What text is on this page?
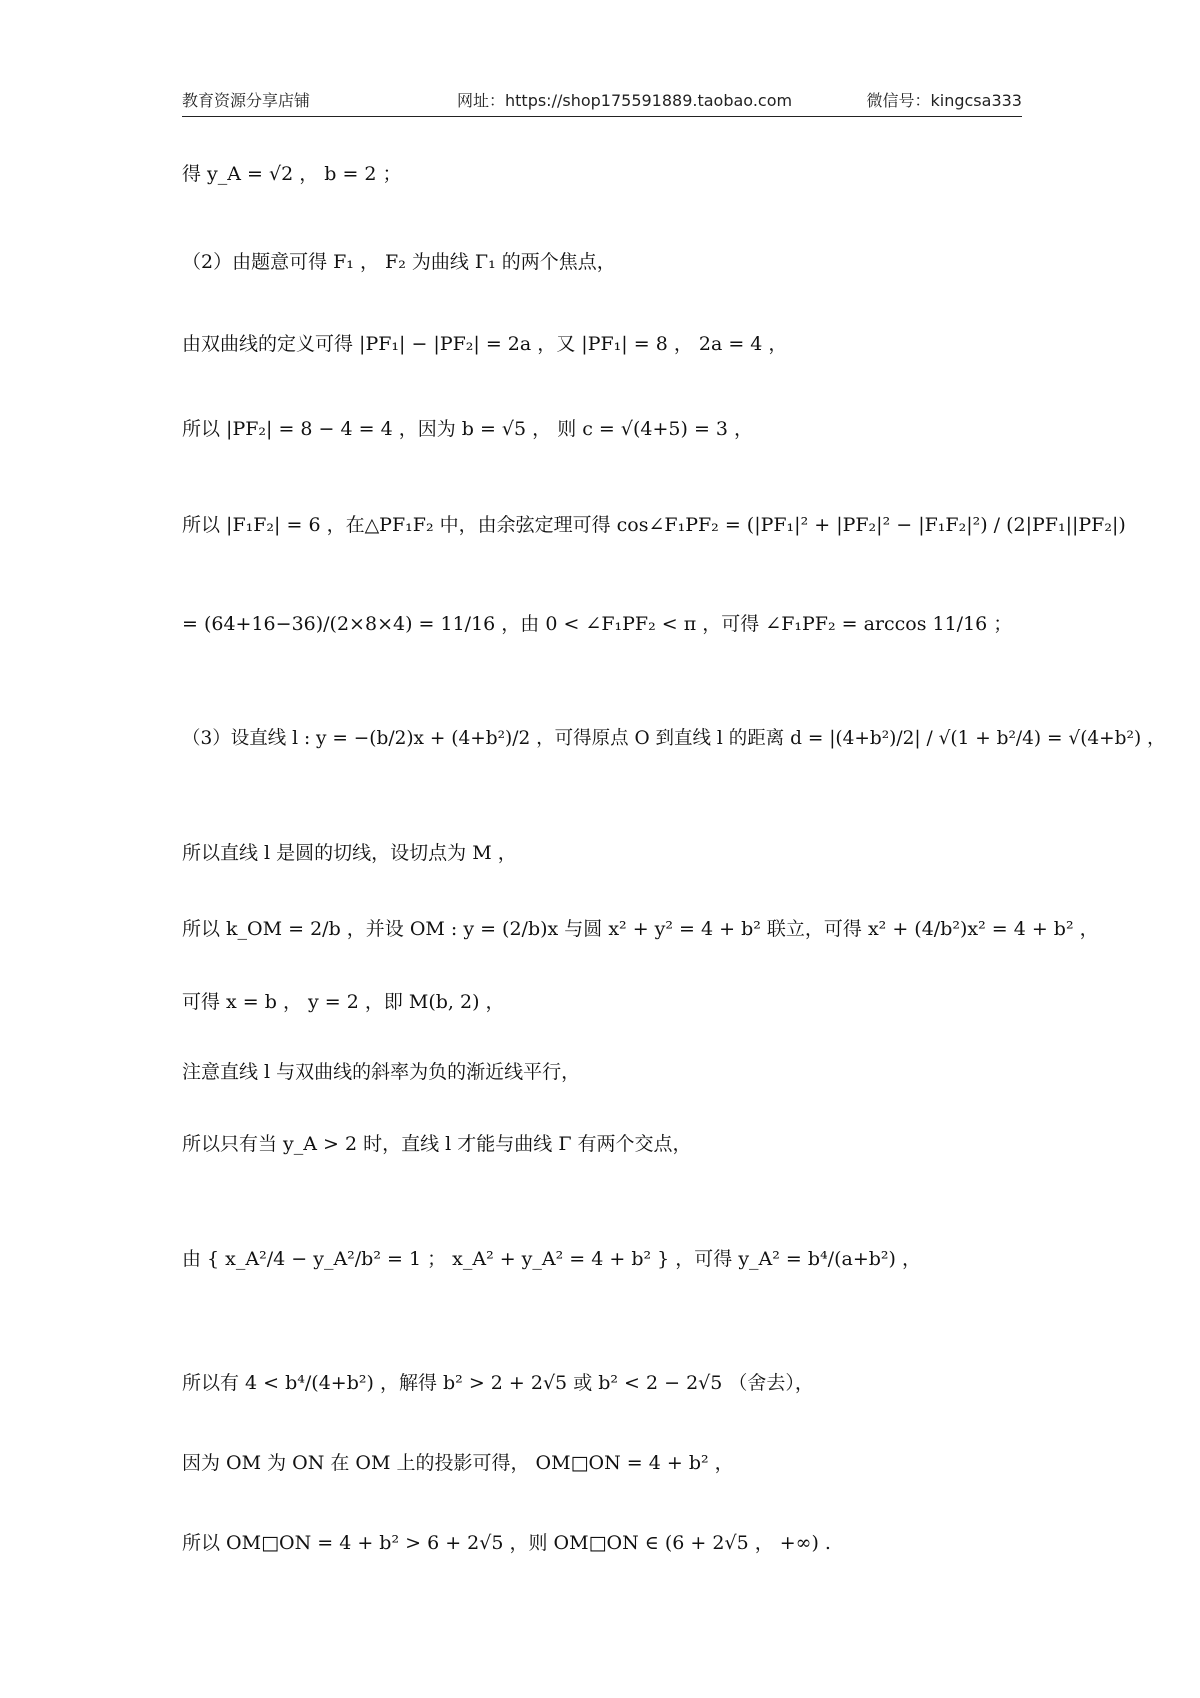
教育资源分享店铺	网址：https://shop175591889.taobao.com	微信号：kingcsa333
得 y_A = √2 ， b = 2 ；
（2）由题意可得 F₁ ， F₂ 为曲线 Γ₁ 的两个焦点，
由双曲线的定义可得 |PF₁| − |PF₂| = 2a ，又 |PF₁| = 8 ， 2a = 4 ，
所以 |PF₂| = 8 − 4 = 4 ，因为 b = √5 ， 则 c = √(4+5) = 3 ，
所以 |F₁F₂| = 6 ，在△PF₁F₂ 中，由余弦定理可得 cos∠F₁PF₂ = (|PF₁|² + |PF₂|² − |F₁F₂|²) / (2|PF₁||PF₂|)
= (64+16−36)/(2×8×4) = 11/16 ，由 0 < ∠F₁PF₂ < π ，可得 ∠F₁PF₂ = arccos 11/16 ；
（3）设直线 l : y = −(b/2)x + (4+b²)/2 ，可得原点 O 到直线 l 的距离 d = |(4+b²)/2| / √(1 + b²/4) = √(4+b²) ，
所以直线 l 是圆的切线，设切点为 M ，
所以 k_OM = 2/b ，并设 OM : y = (2/b)x 与圆 x² + y² = 4 + b² 联立，可得 x² + (4/b²)x² = 4 + b² ，
可得 x = b ， y = 2 ，即 M(b, 2) ，
注意直线 l 与双曲线的斜率为负的渐近线平行，
所以只有当 y_A > 2 时，直线 l 才能与曲线 Γ 有两个交点，
由 { x_A²/4 − y_A²/b² = 1 ； x_A² + y_A² = 4 + b² } ，可得 y_A² = b⁴/(a+b²) ，
所以有 4 < b⁴/(4+b²) ，解得 b² > 2 + 2√5 或 b² < 2 − 2√5 （舍去），
因为 OM 为 ON 在 OM 上的投影可得， OM□ON = 4 + b² ，
所以 OM□ON = 4 + b² > 6 + 2√5 ，则 OM□ON ∈ (6 + 2√5 ， +∞) .
